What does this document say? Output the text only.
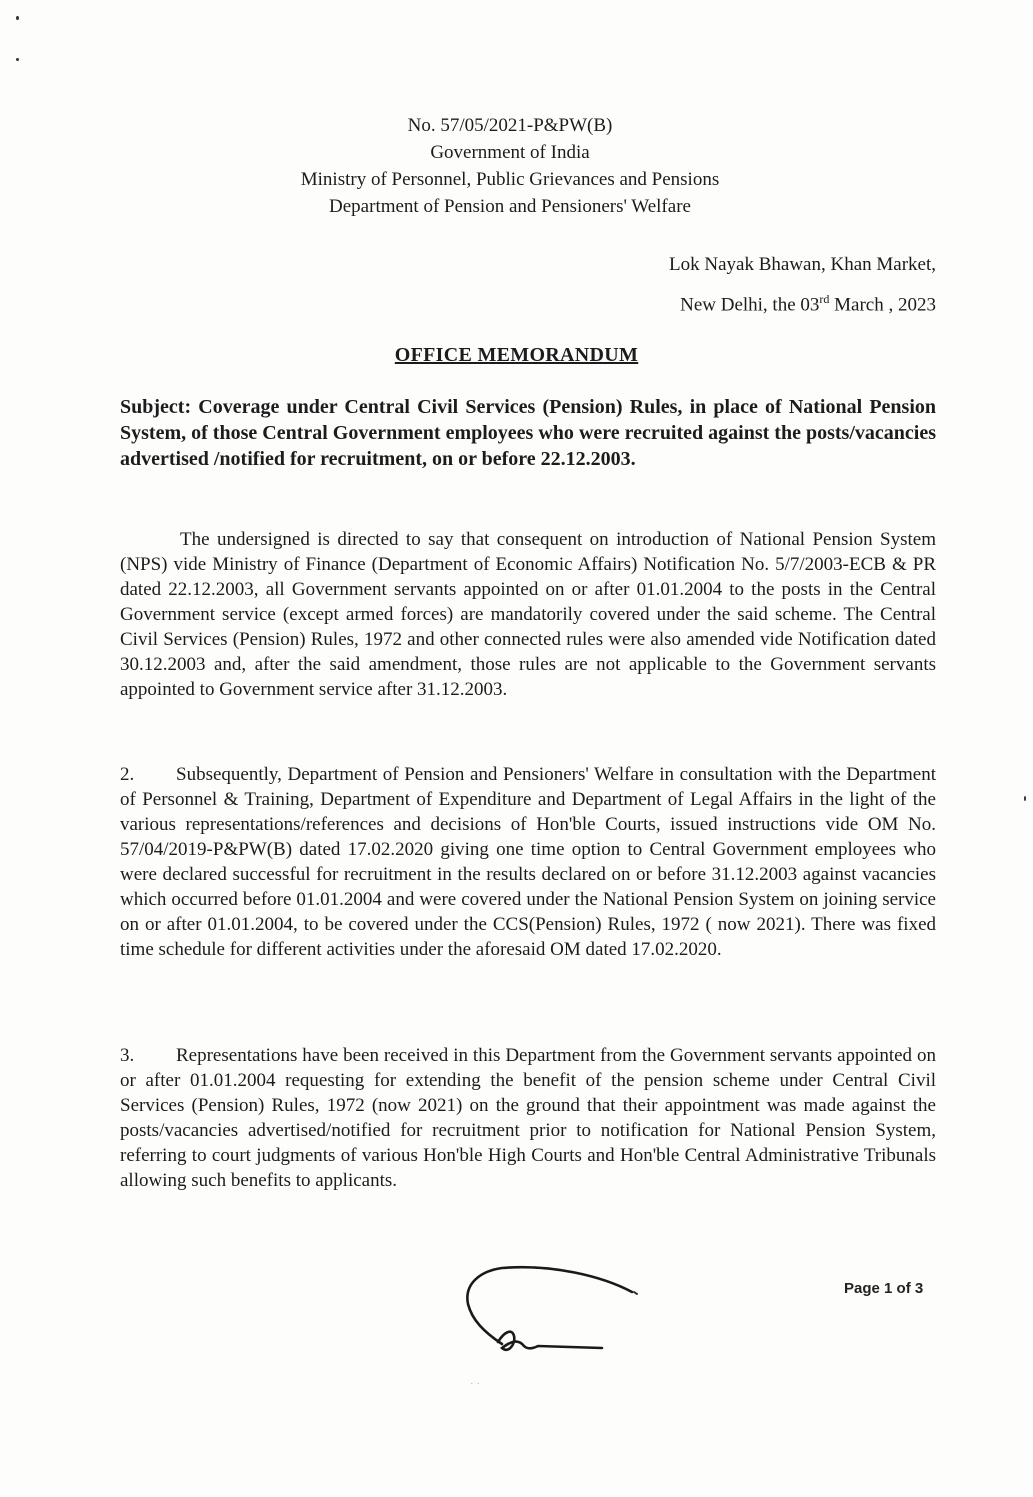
No. 57/05/2021-P&PW(B)
Government of India
Ministry of Personnel, Public Grievances and Pensions
Department of Pension and Pensioners' Welfare
Lok Nayak Bhawan, Khan Market,
New Delhi, the 03rd March , 2023
OFFICE MEMORANDUM
Subject: Coverage under Central Civil Services (Pension) Rules, in place of National Pension System, of those Central Government employees who were recruited against the posts/vacancies advertised /notified for recruitment, on or before 22.12.2003.
The undersigned is directed to say that consequent on introduction of National Pension System (NPS) vide Ministry of Finance (Department of Economic Affairs) Notification No. 5/7/2003-ECB & PR dated 22.12.2003, all Government servants appointed on or after 01.01.2004 to the posts in the Central Government service (except armed forces) are mandatorily covered under the said scheme. The Central Civil Services (Pension) Rules, 1972 and other connected rules were also amended vide Notification dated 30.12.2003 and, after the said amendment, those rules are not applicable to the Government servants appointed to Government service after 31.12.2003.
2. Subsequently, Department of Pension and Pensioners' Welfare in consultation with the Department of Personnel & Training, Department of Expenditure and Department of Legal Affairs in the light of the various representations/references and decisions of Hon'ble Courts, issued instructions vide OM No. 57/04/2019-P&PW(B) dated 17.02.2020 giving one time option to Central Government employees who were declared successful for recruitment in the results declared on or before 31.12.2003 against vacancies which occurred before 01.01.2004 and were covered under the National Pension System on joining service on or after 01.01.2004, to be covered under the CCS(Pension) Rules, 1972 ( now 2021). There was fixed time schedule for different activities under the aforesaid OM dated 17.02.2020.
3. Representations have been received in this Department from the Government servants appointed on or after 01.01.2004 requesting for extending the benefit of the pension scheme under Central Civil Services (Pension) Rules, 1972 (now 2021) on the ground that their appointment was made against the posts/vacancies advertised/notified for recruitment prior to notification for National Pension System, referring to court judgments of various Hon'ble High Courts and Hon'ble Central Administrative Tribunals allowing such benefits to applicants.
Page 1 of 3
· ·
